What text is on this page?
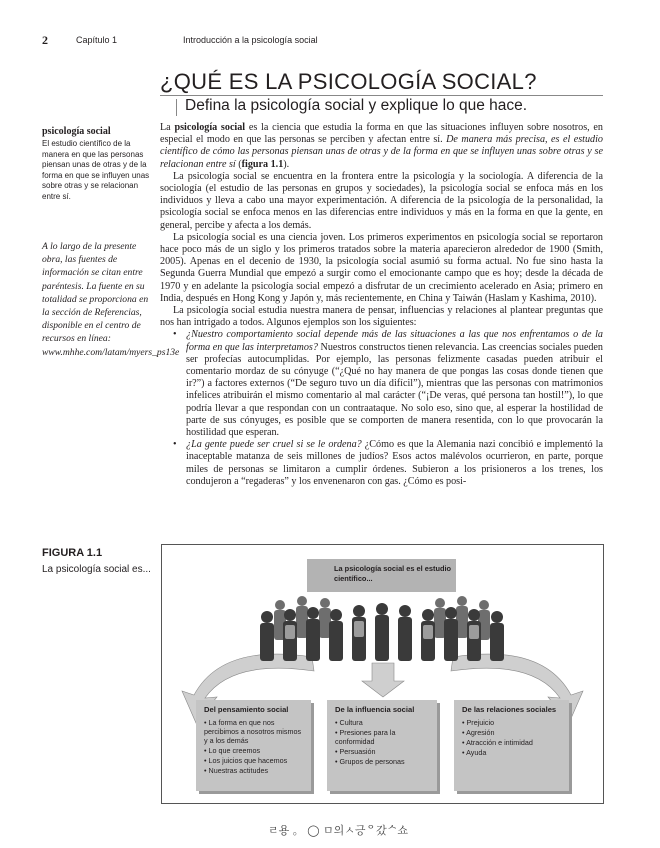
2	Capítulo 1	Introducción a la psicología social
¿QUÉ ES LA PSICOLOGÍA SOCIAL?
Defina la psicología social y explique lo que hace.
psicología social
El estudio científico de la manera en que las personas piensan unas de otras y de la forma en que se influyen unas sobre otras y se relacionan entre sí.
A lo largo de la presente obra, las fuentes de información se citan entre paréntesis. La fuente en su totalidad se proporciona en la sección de Referencias, disponible en el centro de recursos en línea: www.mhhe.com/latam/myers_ps13e

La psicología social es la ciencia que estudia la forma en que las situaciones influyen sobre nosotros, en especial el modo en que las personas se perciben y afectan entre sí. De manera más precisa, es el estudio científico de cómo las personas piensan unas de otras y de la forma en que se influyen unas sobre otras y se relacionan entre sí (figura 1.1).

La psicología social se encuentra en la frontera entre la psicología y la sociología. A diferencia de la sociología (el estudio de las personas en grupos y sociedades), la psicología social se enfoca más en los individuos y lleva a cabo una mayor experimentación. A diferencia de la psicología de la personalidad, la psicología social se enfoca menos en las diferencias entre individuos y más en la forma en que la gente, en general, percibe y afecta a los demás.

La psicología social es una ciencia joven. Los primeros experimentos en psicología social se reportaron hace poco más de un siglo y los primeros tratados sobre la materia aparecieron alrededor de 1900 (Smith, 2005). Apenas en el decenio de 1930, la psicología social asumió su forma actual. No fue sino hasta la Segunda Guerra Mundial que empezó a surgir como el emocionante campo que es hoy; desde la década de 1970 y en adelante la psicología social empezó a disfrutar de un crecimiento acelerado en Asia; primero en India, después en Hong Kong y Japón y, más recientemente, en China y Taiwán (Haslam y Kashima, 2010).

La psicología social estudia nuestra manera de pensar, influencias y relaciones al plantear preguntas que nos han intrigado a todos. Algunos ejemplos son los siguientes:

• ¿Nuestro comportamiento social depende más de las situaciones a las que nos enfrentamos o de la forma en que las interpretamos? Nuestros constructos tienen relevancia. Las creencias sociales pueden ser profecías autocumplidas. Por ejemplo, las personas felizmente casadas pueden atribuir el comentario mordaz de su cónyuge (“¿Qué no hay manera de que pongas las cosas donde tienen que ir?”) a factores externos (“De seguro tuvo un día difícil”), mientras que las personas con matrimonios infelices atribuirán el mismo comentario al mal carácter (“¡De veras, qué persona tan hostil!”), lo que podría llevar a que respondan con un contraataque. No solo eso, sino que, al esperar la hostilidad de parte de sus cónyuges, es posible que se comporten de manera resentida, con lo que provocarán la hostilidad que esperan.
• ¿La gente puede ser cruel si se le ordena? ¿Cómo es que la Alemania nazi concibió e implementó la inaceptable matanza de seis millones de judíos? Esos actos malévolos ocurrieron, en parte, porque miles de personas se limitaron a cumplir órdenes. Subieron a los prisioneros a los trenes, los condujeron a “regaderas” y los envenenaron con gas. ¿Cómo es posi-
FIGURA 1.1
La psicología social es...	La psicología social es el estudio científico...
Del pensamiento social
• La forma en que nos percibimos a nosotros mismos y a los demás
• Lo que creemos
• Los juicios que hacemos
• Nuestras actitudes
De la influencia social
• Cultura
• Presiones para la conformidad
• Persuasión
• Grupos de personas
De las relaciones sociales
• Prejuicio
• Agresión
• Atracción e intimidad
• Ayuda
ㄹ용 。 ◯ ㅁ의ㅅ긍ᄋ갔ᄉ쇼
